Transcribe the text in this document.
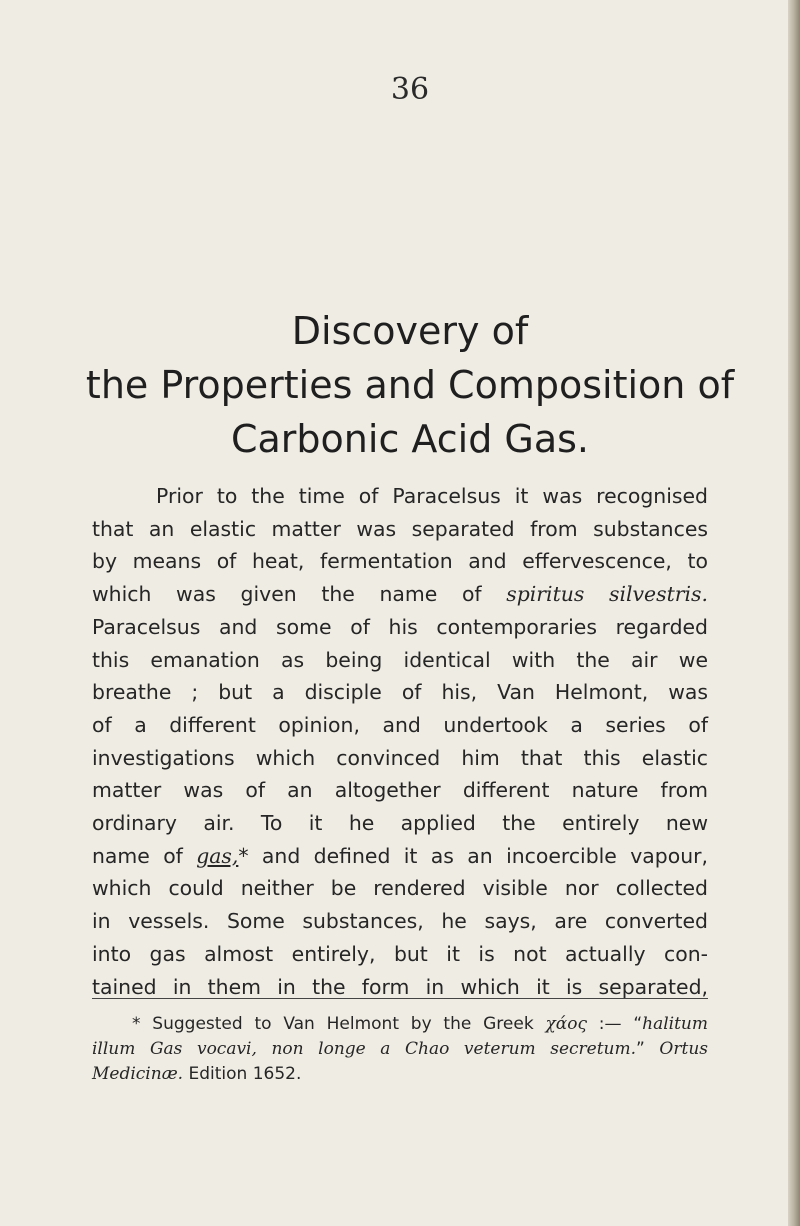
36
Discovery of
the Properties and Composition of
Carbonic Acid Gas.
Prior to the time of Paracelsus it was recognised
that an elastic matter was separated from substances
by means of heat, fermentation and effervescence, to
which was given the name of spiritus silvestris.
Paracelsus and some of his contemporaries regarded
this emanation as being identical with the air we
breathe ; but a disciple of his, Van Helmont, was
of a different opinion, and undertook a series of
investigations which convinced him that this elastic
matter was of an altogether different nature from
ordinary air. To it he applied the entirely new
name of gas,* and defined it as an incoercible vapour,
which could neither be rendered visible nor collected
in vessels. Some substances, he says, are converted
into gas almost entirely, but it is not actually con-
tained in them in the form in which it is separated,
* Suggested to Van Helmont by the Greek χάος :— “halitum
illum Gas vocavi, non longe a Chao veterum secretum.” Ortus
Medicinæ. Edition 1652.
